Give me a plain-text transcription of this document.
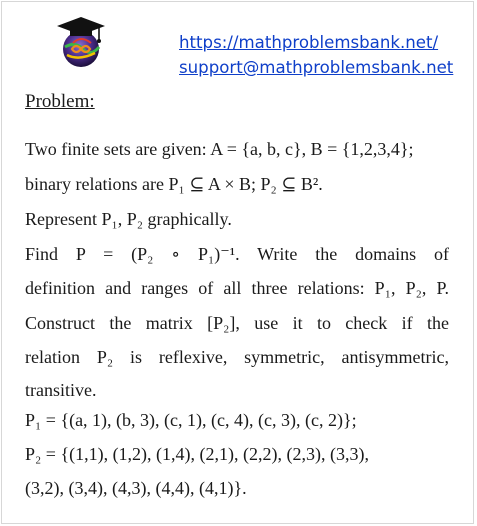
https://mathproblemsbank.net/
support@mathproblemsbank.net
Problem:
Two finite sets are given: A = {a, b, c}, B = {1,2,3,4};
binary relations are P₁ ⊆ A × B; P₂ ⊆ B².
Represent P₁, P₂ graphically.
Find P = (P₂ ∘ P₁)⁻¹. Write the domains of
definition and ranges of all three relations: P₁, P₂, P.
Construct the matrix [P₂], use it to check if the
relation P₂ is reflexive, symmetric, antisymmetric,
transitive.
P₁ = {(a, 1), (b, 3), (c, 1), (c, 4), (c, 3), (c, 2)};
P₂ = {(1,1), (1,2), (1,4), (2,1), (2,2), (2,3), (3,3),
(3,2), (3,4), (4,3), (4,4), (4,1)}.
